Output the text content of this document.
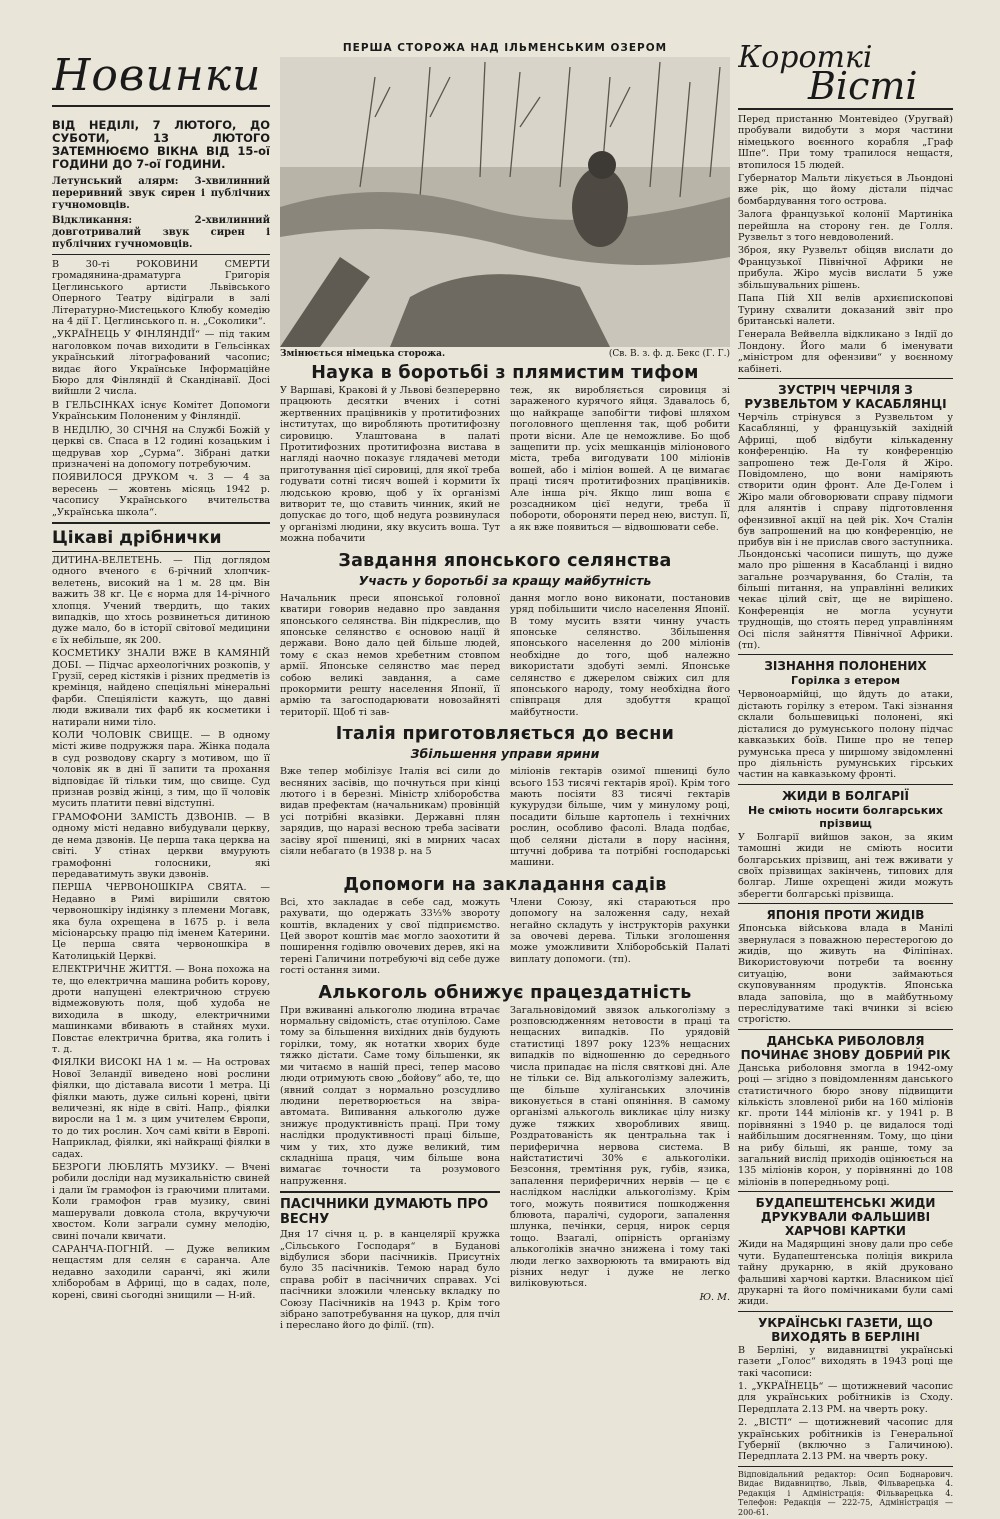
Новинки

ВІД НЕДІЛІ, 7 ЛЮТОГО, ДО СУБОТИ, 13 ЛЮТОГО ЗАТЕМНЮЄМО ВІКНА ВІД 15-ої ГОДИНИ ДО 7-ої ГОДИНИ.

Летунський алярм: 3-хвилинний переривний звук сирен і публічних гучномовців.

Відкликання: 2-хвилинний довготривалий звук сирен і публічних гучномовців.

В 30-ті РОКОВИНИ СМЕРТИ громадянина-драматурга Григорія Цеглинського артисти Львівського Оперного Театру відіграли в залі Літературно-Мистецького Клюбу комедію на 4 дії Г. Цеглинського п. н. „Соколики“.

„УКРАЇНЕЦЬ У ФІНЛЯНДІЇ“ — під таким наголовком почав виходити в Гельсінках український літографований часопис; видає його Українське Інформаційне Бюро для Фінляндії й Скандінавії. Досі вийшли 2 числа.

В ГЕЛЬСІНКАХ існує Комітет Допомоги Українським Полоненим у Фінляндії.

В НЕДІЛЮ, 30 СІЧНЯ на Службі Божій у церкві св. Спаса в 12 годині козацьким і щедрував хор „Сурма“. Зібрані датки призначені на допомогу потребуючим.

ПОЯВИЛОСЯ ДРУКОМ ч. 3 — 4 за вересень — жовтень місяць 1942 р. часопису Українського вчительства „Українська школа“.

Цікаві дрібнички

ДИТИНА-ВЕЛЕТЕНЬ. — Під доглядом одного вченого є 6-річний хлопчик-велетень, високий на 1 м. 28 цм. Він важить 38 кг. Це є норма для 14-річного хлопця. Учений твердить, що таких випадків, що хтось розвинеться дитиною дуже мало, бо в історії світової медицини є їх небільше, як 200.

КОСМЕТИКУ ЗНАЛИ ВЖЕ В КАМЯНІЙ ДОБІ. — Підчас археологічних розкопів, у Грузії, серед кістяків і різних предметів із кремінця, найдено спеціяльні мінеральні фарби. Спеціялісти кажуть, що давні люди вживали тих фарб як косметики і натирали ними тіло.

КОЛИ ЧОЛОВІК СВИЩЕ. — В одному місті живе подружжя пара. Жінка подала в суд розводову скаргу з мотивом, що її чоловік як в дні її запити та прохання відповідає їй тільки тим, що свище. Суд признав розвід жінці, з тим, що її чоловік мусить платити певні відступні.

ГРАМОФОНИ ЗАМІСТЬ ДЗВОНІВ. — В одному місті недавно вибудували церкву, де нема дзвонів. Це перша така церква на світі. У стінах церкви вмурують грамофонні голосники, які передаватимуть звуки дзвонів.

ПЕРША ЧЕРВОНОШКІРА СВЯТА. — Недавно в Римі вирішили святою червоношкіру індіянку з племени Могавк, яка була охрещена в 1675 р. і вела місіонарську працю під іменем Катерини. Це перша свята червоношкіра в Католицькій Церкві.

ЕЛЕКТРИЧНЕ ЖИТТЯ. — Вона похожа на те, що електрична машина робить корову, дроти напущені електричною струєю відмежовують поля, щоб худоба не виходила в шкоду, електричними машинками вбивають в стайнях мухи. Повстає електрична бритва, яка голить і т. д.

ФІЯЛКИ ВИСОКІ НА 1 м. — На островах Нової Зеландії виведено нові рослини фіялки, що діставала висоти 1 метра. Ці фіялки мають, дуже сильні корені, цвіти величезні, як ніде в світі. Напр., фіялки виросли на 1 м. з цим учителем Європи, то до тих рослин. Хоч самі квіти в Европі. Наприклад, фіялки, які найкращі фіялки в садах.

БЕЗРОГИ ЛЮБЛЯТЬ МУЗИКУ. — Вчені робили досліди над музикальністю свиней і дали їм грамофон із граючими плитами. Коли грамофон грав музику, свині машерували довкола стола, вкручуючи хвостом. Коли заграли сумну мелодію, свині почали квичати.

САРАНЧА-ПОГНІЙ. — Дуже великим нещастям для селян є саранча. Але недавно заходили саранчі, які жили хліборобам в Африці, що в садах, поле, корені, свині сьогодні знищили — Н-ий.

ПЕРША СТОРОЖА НАД ІЛЬМЕНСЬКИМ ОЗЕРОМ
Змінюється німецька сторожа.	(Св. В. з. ф. д. Бекс (Г. Г.)
Наука в боротьбі з плямистим тифом

У Варшаві, Кракові й у Львові безперервно працюють десятки вчених і сотні жертвенних працівників у протитифозних інститутах, що виробляють протитифозну сировицю. Улаштована в палаті Протитифозних протитифозна вистава в нагляді наочно показує глядачеві методи приготування цієї сировиці, для якої треба годувати сотні тисяч вошей і кормити їх людською кровю, щоб у їх організмі витворит те, що ставить чинник, який не допускає до того, щоб недуга розвинулася у організмі людини, яку вкусить воша. Тут можна побачити

теж, як виробляється сировиця зі зараженого курячого яйця. Здавалось б, що найкраще запобігти тифові шляхом поголовного щеплення так, щоб робити проти вісни. Але це неможливе. Бо щоб защепити пр. усіх мешканців міліонового міста, треба вигодувати 100 міліонів вошей, або і міліон вошей. А це вимагає праці тисяч протитифозних працівників. Але інша річ. Якщо лиш воша є розсадником цієї недуги, треба її побороти, обороняти перед нею, виступ. Ії, а як вже появиться — відвошювати себе.

Завдання японського селянства
Участь у боротьбі за кращу майбутність

Начальник преси японської головної кватири говорив недавно про завдання японського селянства. Він підкреслив, що японське селянство є основою нації й держави. Воно дало цей більше людей, тому є сказ немов хребетним стовпом армії. Японське селянство має перед собою великі завдання, а саме прокормити решту населення Японії, її армію та загосподарювати новозайняті території. Щоб ті зав-

дання могло воно виконати, постановив уряд побільшити число населення Японії. В тому мусить взяти чинну участь японське селянство. Збільшення японського населення до 200 міліонів необхідне до того, щоб належно використати здобуті землі. Японське селянство є джерелом свіжих сил для японського народу, тому необхідна його співпраця для здобуття кращої майбутности.

Італія приготовляється до весни
Збільшення управи ярини

Вже тепер мобілізує Італія всі сили до весняних засівів, що почнуться при кінці лютого і в березні. Міністр хліборобства видав префектам (начальникам) провінцій усі потрібні вказівки. Державні плян зарядив, що наразі весною треба засівати засіву ярої пшениці, які в мирних часах сіяли небагато (в 1938 р. на 5

міліонів гектарів озимої пшениці було всього 153 тисячі гектарів ярої). Крім того мають посіяти 83 тисячі гектарів кукурудзи більше, чим у минулому році, посадити більше картопель і технічних рослин, особливо фасолі. Влада подбає, щоб селяни дістали в пору насіння, штучні добрива та потрібні господарські машини.

Допомоги на закладання садів

Всі, хто закладає в себе сад, можуть рахувати, що одержать 33⅓% звороту коштів, вкладених у свої підприємство. Цей зворот коштів має могло заохотити й поширення годівлю овочевих дерев, які на терені Галичини потребуючі від себе дуже гості остання зими.

Члени Союзу, які стараються про допомогу на заложення саду, нехай негайно складуть у інструкторів рахунки за овочеві дерева. Тільки зголошення може уможливити Хліборобській Палаті виплату допомоги. (тп).

Алькоголь обнижує працездатність

При вживанні алькоголю людина втрачає нормальну свідомість, стає отупілою. Саме тому за більшення вихідних днів будують горілки, тому, як нотатки хворих буде тяжко дістати. Саме тому більшенки, як ми читаємо в нашій пресі, тепер масово люди отримують свою „бойову“ або, те, що (явний солдат з нормально розсудливо людини перетворюється на звіра-автомата. Випивання алькоголю дуже знижує продуктивність праці. При тому наслідки продуктивності праці більше, чим у тих, хто дуже великий, тим складніша праця, чим більше вона вимагає точности та розумового напруження.

ПАСІЧНИКИ ДУМАЮТЬ ПРО ВЕСНУ

Дня 17 січня ц. р. в канцелярії кружка „Сільського Господаря“ в Буданові відбулися збори пасічників. Присутніх було 35 пасічників. Темою нарад було справа робіт в пасічничих справах. Усі пасічники зложили членську вкладку по Союзу Пасічників на 1943 р. Крім того зібрано запотребування на цукор, для пчіл і переслано його до філії. (тп).

Загальновідомий звязок алькоголізму з розповсюдженням нетовости в праці та нещасних випадків. По урядовій статистиці 1897 року 123% нещасних випадків по відношенню до середнього числа припадає на після святкові дні. Але не тільки се. Від алькоголізму залежить, ще більше хуліганських злочинів виконується в стані опяніння. В самому організмі алькоголь викликає цілу низку дуже тяжких хворобливих явищ. Роздратованість як центральна так і периферична нервова система. В найстатистичі 30% є алькоголіки. Безсоння, тремтіння рук, губів, язика, запалення периферичних нервів — це є наслідком наслідки алькоголізму. Крім того, можуть появитися пошкодження блювота, паралічі, судороги, запалення шлунка, печінки, серця, нирок серця тощо. Взагалі, опірність організму алькоголіків значно знижена і тому такі люди легко захворюють та вмирають від різних недуг і дуже не легко виліковуються.

Ю. М.

Короткі
Вісті

Перед пристанню Монтевідео (Уругвай) пробували видобути з моря частини німецького воєнного корабля „Граф Шпе“. При тому трапилося нещастя, втопилося 15 людей.

Губернатор Мальти лікується в Льондоні вже рік, що йому дістали підчас бомбардування того острова.

Залога французької колонії Мартиніка перейшла на сторону ген. де Голля. Рузвельт з того невдоволений.

Зброя, яку Рузвельт обіцяв вислати до Французької Північної Африки не прибула. Жіро мусів вислати 5 уже збільшувальних рішень.

Папа Пій XII велів архиєпископові Турину схвалити доказаний звіт про британські налети.

Генерала Вейвелла відкликано з Індії до Лондону. Його мали б іменувати „міністром для офензиви“ у воєнному кабінеті.

ЗУСТРІЧ ЧЕРЧІЛЯ З РУЗВЕЛЬТОМ У КАСАБЛЯНЦІ

Черчіль стрінувся з Рузвельтом у Касаблянці, у французькій західній Африці, щоб відбути кількаденну конференцію. На ту конференцію запрошено теж Де-Голя й Жіро. Повідомлено, що вони наміряють створити один фронт. Але Де-Голем і Жіро мали обговорювати справу підмоги для алянтів і справу підготовлення офензивної акції на цей рік. Хоч Сталін був запрошений на цю конференцію, не прибув він і не прислав свого заступника. Льондонські часописи пишуть, що дуже мало про рішення в Касабланці і видно загальне розчарування, бо Сталін, та більші питання, на управлінні великих чекає цілий світ, ще не вирішено. Конференція не могла усунути труднощів, що стоять перед управлінням Осі після зайняття Північної Африки. (тп).

ЗІЗНАННЯ ПОЛОНЕНИХ
Горілка з етером

Червоноармійці, що йдуть до атаки, дістають горілку з етером. Такі зізнання склали большевицькі полонені, які дісталися до румунського полону підчас кавказьких боїв. Пише про не тепер румунська преса у ширшому звідомленні про діяльність румунських гірських частин на кавказькому фронті.

ЖИДИ В БОЛГАРІЇ
Не сміють носити болгарських прізвищ

У Болгарії вийшов закон, за яким тамошні жиди не сміють носити болгарських прізвищ, ані теж вживати у своїх прізвищах закінчень, типових для болгар. Лише охрещені жиди можуть зберегти болгарські прізвища.

ЯПОНІЯ ПРОТИ ЖИДІВ

Японська військова влада в Манілі звернулася з поважною перестерогою до жидів, що живуть на Філіпінах. Використовуючи потреби та воєнну ситуацію, вони займаються скуповуванням продуктів. Японська влада заповіла, що в майбутньому переслідуватиме такі вчинки зі всією строгістю.

ДАНСЬКА РИБОЛОВЛЯ ПОЧИНАЄ ЗНОВУ ДОБРИЙ РІК

Данська риболовня змогла в 1942-ому році — згідно з повідомленням данського статистичного бюро знову підвищити кількість зловленої риби на 160 міліонів кг. проти 144 міліонів кг. у 1941 р. В порівнянні з 1940 р. це видалося тоді найбільшим досягненням. Тому, що ціни на рибу більші, як ранше, тому за загальний вислід приходів оцінюється на 135 міліонів корон, у порівнянні до 108 міліонів в попередньому році.

БУДАПЕШТЕНСЬКІ ЖИДИ ДРУКУВАЛИ ФАЛЬШИВІ ХАРЧОВІ КАРТКИ

Жиди на Мадярщині знову дали про себе чути. Будапештенська поліція викрила тайну друкарню, в якій друковано фальшиві харчові картки. Власником цієї друкарні та його помічниками були самі жиди.

УКРАЇНСЬКІ ГАЗЕТИ, ЩО ВИХОДЯТЬ В БЕРЛІНІ

В Берліні, у видавництві українські газети „Голос“ виходять в 1943 році ще такі часописи:

1. „УКРАЇНЕЦЬ“ — щотижневий часопис для українських робітників із Сходу. Передплата 2.13 РМ. на чверть року.

2. „ВІСТІ“ — щотижневий часопис для українських робітників із Генеральної Губернії (включно з Галичиною). Передплата 2.13 РМ. на чверть року.

Відповідальний редактор: Осип Боднарович. Видає Видавництво, Львів, Фільварецька 4. Редакція і Адміністрація: Фільварецька 4. Телефон: Редакція — 222-75, Адміністрація — 200-61.
